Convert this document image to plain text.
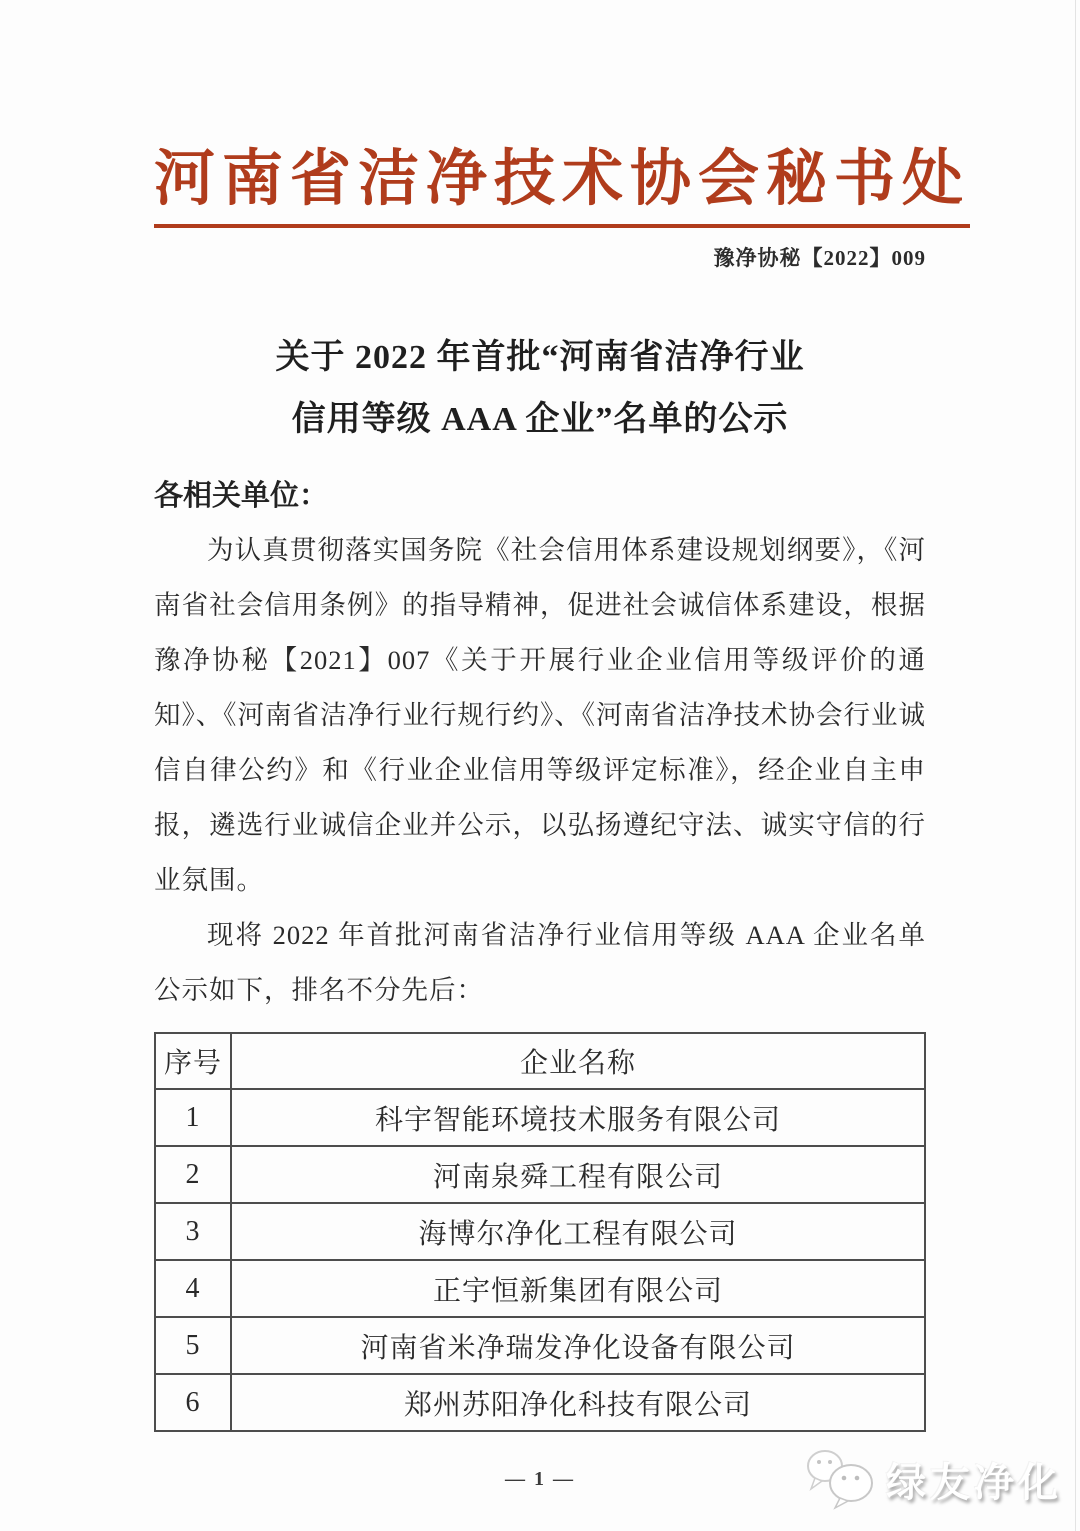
河南省洁净技术协会秘书处
豫净协秘【2022】009
关于 2022 年首批“河南省洁净行业
信用等级 AAA 企业”名单的公示
各相关单位：

为认真贯彻落实国务院《社会信用体系建设规划纲要》，《河南省社会信用条例》的指导精神，促进社会诚信体系建设，根据豫净协秘【2021】007《关于开展行业企业信用等级评价的通知》、《河南省洁净行业行规行约》、《河南省洁净技术协会行业诚信自律公约》和《行业企业信用等级评定标准》，经企业自主申报，遴选行业诚信企业并公示，以弘扬遵纪守法、诚实守信的行业氛围。

现将 2022 年首批河南省洁净行业信用等级 AAA 企业名单公示如下，排名不分先后：

序号	企业名称
1	科宇智能环境技术服务有限公司
2	河南泉舜工程有限公司
3	海博尔净化工程有限公司
4	正宇恒新集团有限公司
5	河南省米净瑞发净化设备有限公司
6	郑州苏阳净化科技有限公司
— 1 —	绿友净化
